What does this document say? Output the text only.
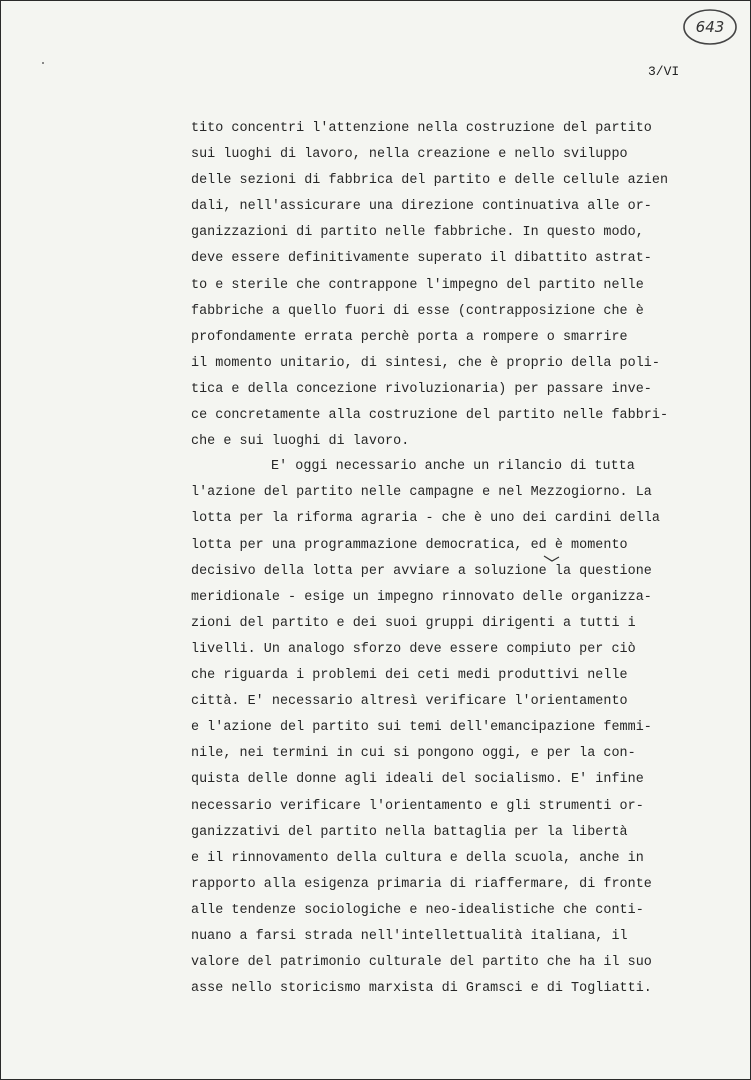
643
3/VI
tito concentri l'attenzione nella costruzione del partito
sui luoghi di lavoro, nella creazione e nello sviluppo
delle sezioni di fabbrica del partito e delle cellule azien
dali, nell'assicurare una direzione continuativa alle or-
ganizzazioni di partito nelle fabbriche. In questo modo,
deve essere definitivamente superato il dibattito astrat-
to e sterile che contrappone l'impegno del partito nelle
fabbriche a quello fuori di esse (contrapposizione che è
profondamente errata perchè porta a rompere o smarrire
il momento unitario, di sintesi, che è proprio della poli-
tica e della concezione rivoluzionaria) per passare inve-
ce concretamente alla costruzione del partito nelle fabbri-
che e sui luoghi di lavoro.
E' oggi necessario anche un rilancio di tutta
l'azione del partito nelle campagne e nel Mezzogiorno. La
lotta per la riforma agraria - che è uno dei cardini della
lotta per una programmazione democratica, ed è momento
decisivo della lotta per avviare a soluzione la questione
meridionale - esige un impegno rinnovato delle organizza-
zioni del partito e dei suoi gruppi dirigenti a tutti i
livelli. Un analogo sforzo deve essere compiuto per ciò
che riguarda i problemi dei ceti medi produttivi nelle
città. E' necessario altresì verificare l'orientamento
e l'azione del partito sui temi dell'emancipazione femmi-
nile, nei termini in cui si pongono oggi, e per la con-
quista delle donne agli ideali del socialismo. E' infine
necessario verificare l'orientamento e gli strumenti or-
ganizzativi del partito nella battaglia per la libertà
e il rinnovamento della cultura e della scuola, anche in
rapporto alla esigenza primaria di riaffermare, di fronte
alle tendenze sociologiche e neo-idealistiche che conti-
nuano a farsi strada nell'intellettualità italiana, il
valore del patrimonio culturale del partito che ha il suo
asse nello storicismo marxista di Gramsci e di Togliatti.
